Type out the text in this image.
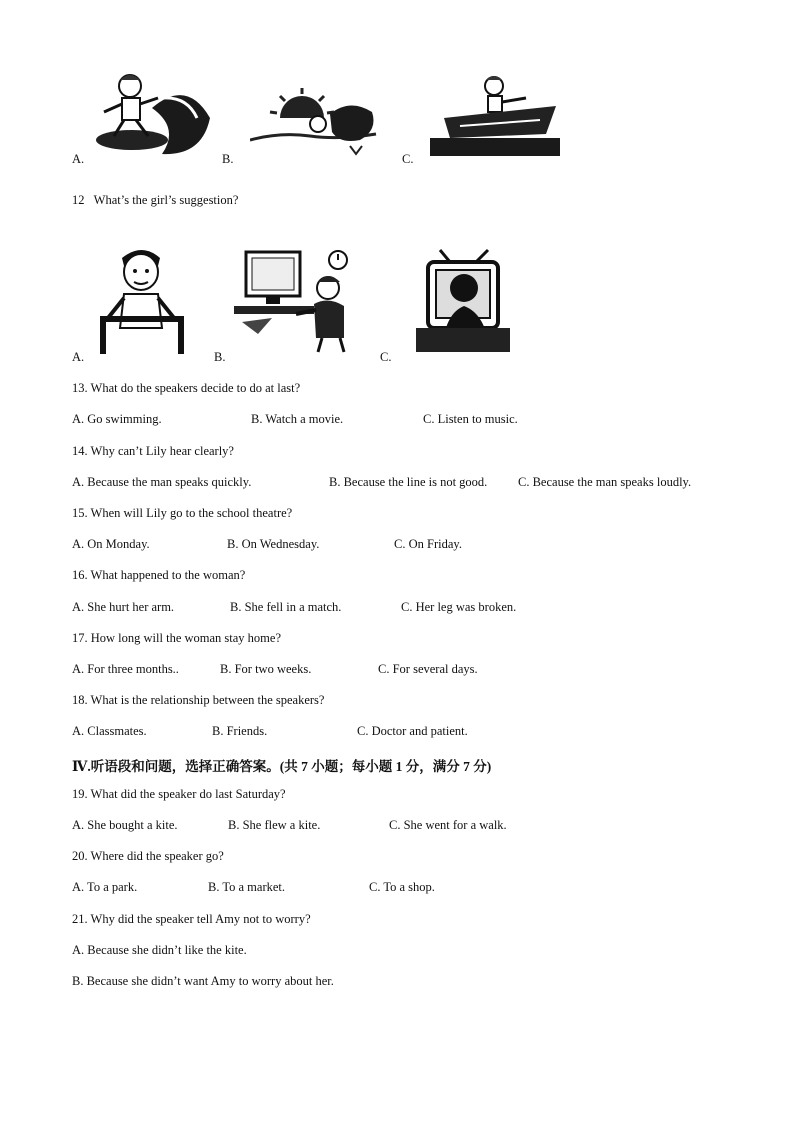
A.	B.	C.
12 What’s the girl’s suggestion?
A.	B.	C.
13. What do the speakers decide to do at last?
A. Go swimming.	B. Watch a movie.	C. Listen to music.
14. Why can’t Lily hear clearly?
A. Because the man speaks quickly.	B. Because the line is not good. C. Because the man speaks loudly.
15. When will Lily go to the school theatre?
A. On Monday.	B. On Wednesday.	C. On Friday.
16. What happened to the woman?
A. She hurt her arm.	B. She fell in a match.	C. Her leg was broken.
17. How long will the woman stay home?
A. For three months..	B. For two weeks.	C. For several days.
18. What is the relationship between the speakers?
A. Classmates.	B. Friends.	C. Doctor and patient.
Ⅳ.听语段和问题，选择正确答案。(共 7 小题；每小题 1 分，满分 7 分)
19. What did the speaker do last Saturday?
A. She bought a kite.	B. She flew a kite.	C. She went for a walk.
20. Where did the speaker go?
A. To a park.	B. To a market.	C. To a shop.
21. Why did the speaker tell Amy not to worry?
A. Because she didn’t like the kite.
B. Because she didn’t want Amy to worry about her.
